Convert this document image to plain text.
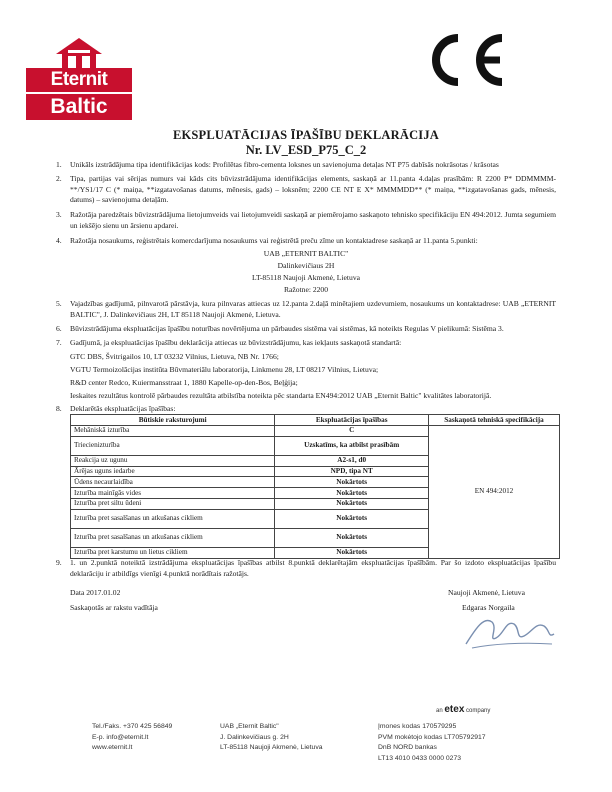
Eternit
Baltic
EKSPLUATĀCIJAS ĪPAŠĪBU DEKLARĀCIJA
Nr. LV_ESD_P75_C_2
1. Unikāls izstrādājuma tipa identifikācijas kods: Profilētas fibro-cementa loksnes un savienojuma detaļas NT P75 dabīsās nokrāsotas / krāsotas
2. Tipa, partijas vai sērijas numurs vai kāds cits būvizstrādājuma identifikācijas elements, saskaņā ar 11.panta 4.daļas prasībām: R 2200 P* DDMMMM-**/YS1/17 C (* maiņa, **izgatavošanas datums, mēnesis, gads) – loksnēm; 2200 CE NT E X* MMMMDD** (* maiņa, **izgatavošanas gads, mēnesis, datums) – savienojuma detaļām.
3. Ražotāja paredzētais būvizstrādājuma lietojumveids vai lietojumveidi saskaņā ar piemērojamo saskaņoto tehnisko specifikāciju EN 494:2012. Jumta segumiem un iekšējo sienu un ārsienu apdarei.
4. Ražotāja nosaukums, reģistrētais komercdarījuma nosaukums vai reģistrētā preču zīme un kontaktadrese saskaņā ar 11.panta 5.punkti:
UAB „ETERNIT BALTIC"
Dalinkevičiaus 2H
LT-85118 Naujoji Akmenė, Lietuva
Ražotne: 2200
5. Vajadzības gadījumā, pilnvarotā pārstāvja, kura pilnvaras attiecas uz 12.panta 2.daļā minētajiem uzdevumiem, nosaukums un kontaktadrese: UAB „ETERNIT BALTIC", J. Dalinkevičiaus 2H, LT 85118 Naujoji Akmenė, Lietuva.
6. Būvizstrādājuma ekspluatācijas īpašību noturības novērtējuma un pārbaudes sistēma vai sistēmas, kā noteikts Regulas V pielikumā: Sistēma 3.
7. Gadījumā, ja ekspluatācijas īpašību deklarācija attiecas uz būvizstrādājumu, kas iekļauts saskaņotā standartā:
GTC DBS, Švitrigailos 10, LT 03232 Vilnius, Lietuva, NB Nr. 1766;
VGTU Termoizolācijas institūta Būvmateriālu laboratorija, Linkmenu 28, LT 08217 Vilnius, Lietuva;
R&D center Redco, Kuiermansstraat 1, 1880 Kapelle-op-den-Bos, Beļģija;
Ieskaites rezultātus kontrolē pārbaudes rezultāta atbilstība noteikta pēc standarta EN494:2012 UAB „Eternit Baltic" kvalitātes laboratorijā.
8. Deklarētās ekspluatācijas īpašības:
Būtiskie raksturojumi	Ekspluatācijas īpašības	Saskaņotā tehniskā specifikācija
Mehāniskā izturība	C	EN 494:2012
Triecienizturība	Uzskatīms, ka atbilst prasībām	
Reakcija uz ugunu	A2-s1, d0	
Ārējas uguns iedarbe	NPD, tipa NT	
Ūdens necaurlaidība	Nokārtots	
Izturība mainīgās vides	Nokārtots	
Izturība pret siltu ūdeni	Nokārtots	
Izturība pret sasalšanas un atkušanas cikliem	Nokārtots	
Izturība pret sasalšanas un atkušanas cikliem	Nokārtots	
Izturība pret karstumu un lietus cikliem	Nokārtots	
9. 1. un 2.punktā noteiktā izstrādājuma ekspluatācijas īpašības atbilst 8.punktā deklarētajām ekspluatācijas īpašībām. Par šo izdoto ekspluatācijas īpašību deklarāciju ir atbildīgs vienīgi 4.punktā norādītais ražotājs.
Data 2017.01.02	Naujoji Akmenė, Lietuva
Saskaņotās ar rakstu vadītāja	Edgaras Norgaila
an etex company
Tel./Faks. +370 425 56849
E-p. info@eternit.lt
www.eternit.lt
UAB „Eternit Baltic"
J. Dalinkevičiaus g. 2H
LT-85118 Naujoji Akmenė, Lietuva
Įmones kodas 170579295
PVM mokėtojo kodas LT705792917
DnB NORD bankas
LT13 4010 0433 0000 0273
